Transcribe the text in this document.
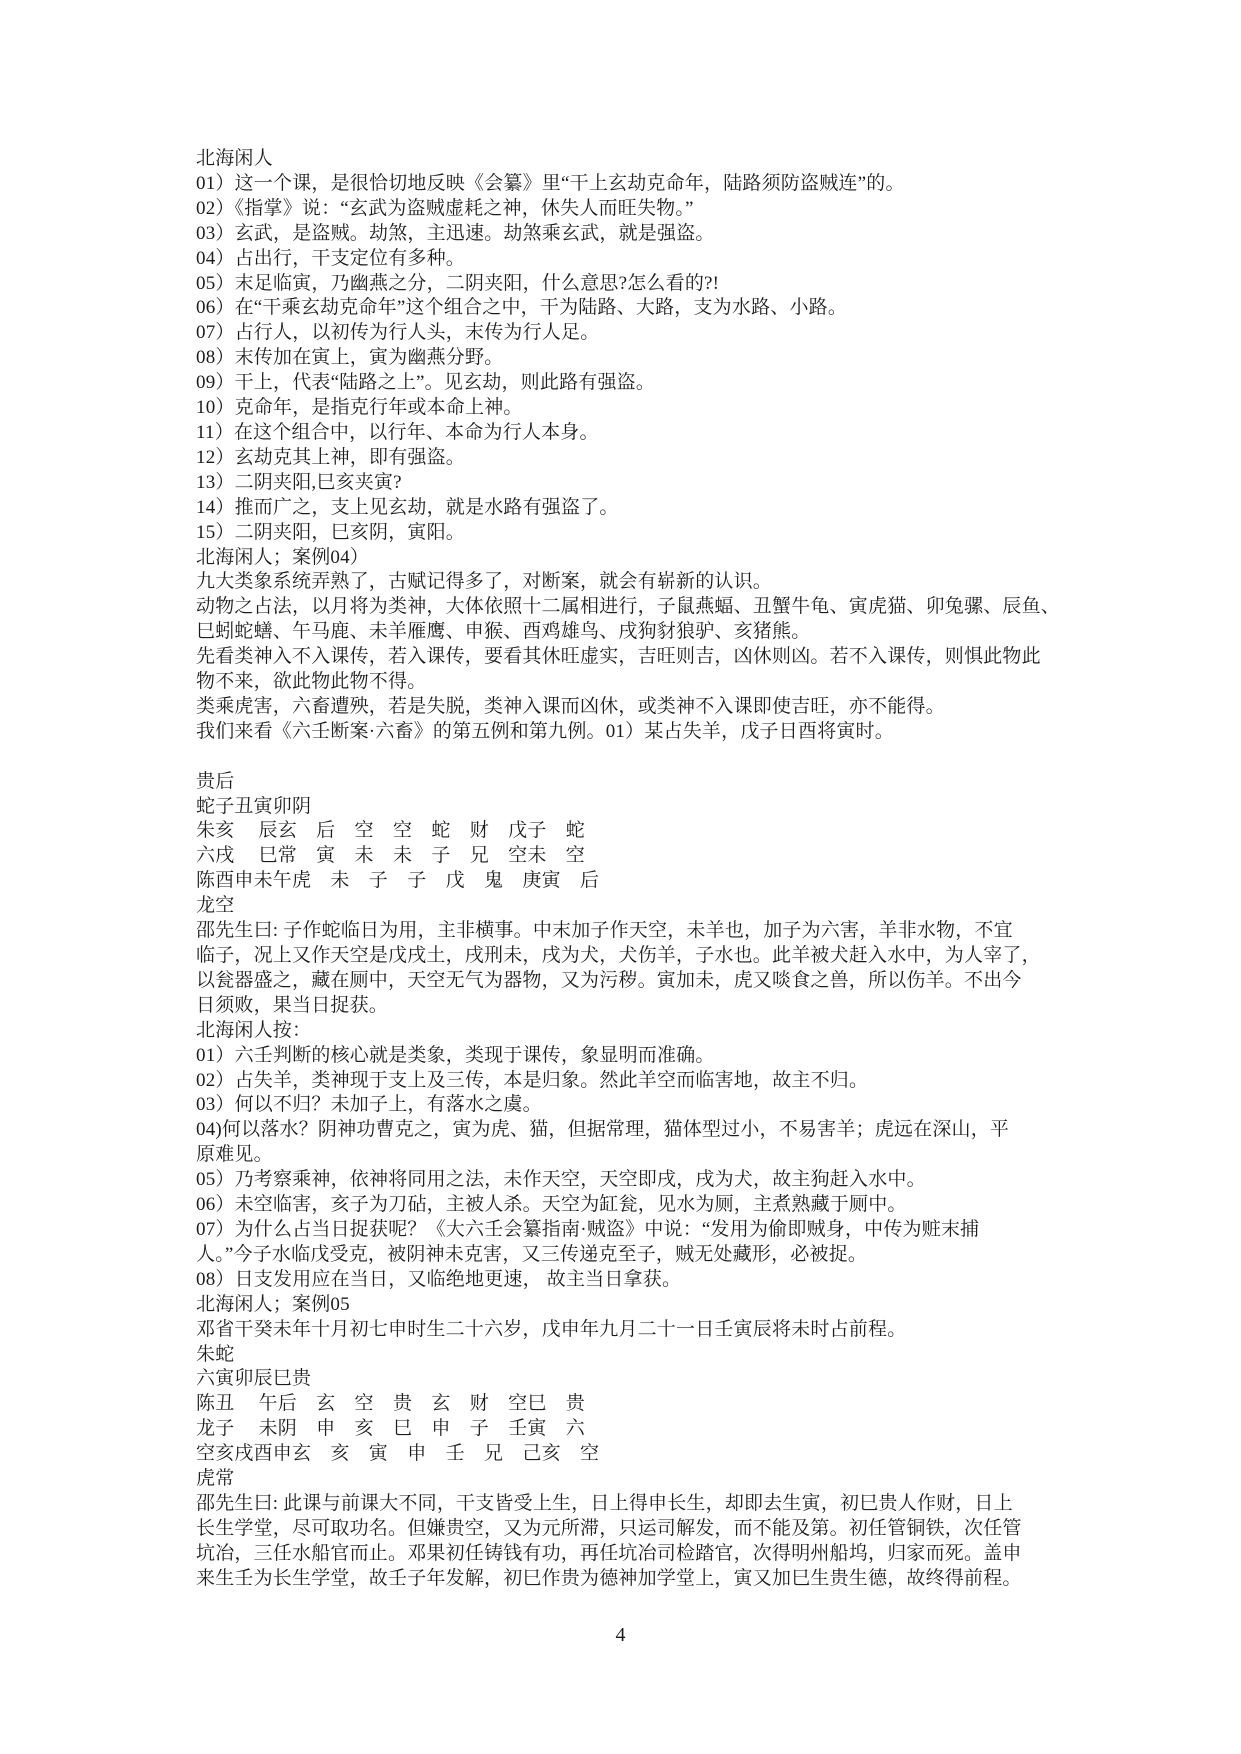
北海闲人
01）这一个课，是很恰切地反映《会纂》里“干上玄劫克命年，陆路须防盗贼连”的。
02）《指掌》说：“玄武为盗贼虚耗之神，休失人而旺失物。”
03）玄武，是盗贼。劫煞，主迅速。劫煞乘玄武，就是强盗。
04）占出行，干支定位有多种。
05）末足临寅，乃幽燕之分，二阴夹阳，什么意思?怎么看的?!
06）在“干乘玄劫克命年”这个组合之中，干为陆路、大路，支为水路、小路。
07）占行人，以初传为行人头，末传为行人足。
08）末传加在寅上，寅为幽燕分野。
09）干上，代表“陆路之上”。见玄劫，则此路有强盗。
10）克命年，是指克行年或本命上神。
11）在这个组合中，以行年、本命为行人本身。
12）玄劫克其上神，即有强盗。
13）二阴夹阳,巳亥夹寅?
14）推而广之，支上见玄劫，就是水路有强盗了。
15）二阴夹阳，巳亥阴，寅阳。
北海闲人；案例04）
九大类象系统弄熟了，古赋记得多了，对断案，就会有崭新的认识。
动物之占法，以月将为类神，大体依照十二属相进行，子鼠燕蝠、丑蟹牛龟、寅虎猫、卯兔骡、辰鱼、
巳蚓蛇蟮、午马鹿、未羊雁鹰、申猴、酉鸡雄鸟、戌狗豺狼驴、亥猪熊。
先看类神入不入课传，若入课传，要看其休旺虚实，吉旺则吉，凶休则凶。若不入课传，则惧此物此
物不来，欲此物此物不得。
类乘虎害，六畜遭殃，若是失脱，类神入课而凶休，或类神不入课即使吉旺，亦不能得。
我们来看《六壬断案·六畜》的第五例和第九例。01）某占失羊，戊子日酉将寅时。

贵后
蛇子丑寅卯阴
朱亥　 辰玄　后　空　空　蛇　财　戊子　蛇
六戌　 巳常　寅　未　未　子　兄　空未　空
陈酉申未午虎　未　子　子　戊　鬼　庚寅　后
龙空
邵先生曰: 子作蛇临日为用，主非横事。中末加子作天空，未羊也，加子为六害，羊非水物，不宜
临子，况上又作天空是戊戌土，戌刑未，戌为犬，犬伤羊，子水也。此羊被犬赶入水中，为人宰了，
以瓮器盛之，藏在厕中，天空无气为器物，又为污秽。寅加未，虎又啖食之兽，所以伤羊。不出今
日须败，果当日捉获。
北海闲人按：
01）六壬判断的核心就是类象，类现于课传，象显明而准确。
02）占失羊，类神现于支上及三传，本是归象。然此羊空而临害地，故主不归。
03）何以不归？未加子上，有落水之虞。
04)何以落水？阴神功曹克之，寅为虎、猫，但据常理，猫体型过小，不易害羊；虎远在深山，平
原难见。
05）乃考察乘神，依神将同用之法，未作天空，天空即戌，戌为犬，故主狗赶入水中。
06）未空临害，亥子为刀砧，主被人杀。天空为缸瓮，见水为厕，主煮熟藏于厕中。
07）为什么占当日捉获呢？《大六壬会纂指南·贼盗》中说：“发用为偷即贼身，中传为赃末捕
人。”今子水临戊受克，被阴神未克害，又三传递克至子，贼无处藏形，必被捉。
08）日支发用应在当日，又临绝地更速， 故主当日拿获。
北海闲人；案例05
邓省干癸未年十月初七申时生二十六岁，戊申年九月二十一日壬寅辰将未时占前程。
朱蛇
六寅卯辰巳贵
陈丑　 午后　玄　空　贵　玄　财　空巳　贵
龙子　 未阴　申　亥　巳　申　子　壬寅　六
空亥戌酉申玄　亥　寅　申　壬　兄　己亥　空
虎常
邵先生曰: 此课与前课大不同，干支皆受上生，日上得申长生，却即去生寅，初巳贵人作财，日上
长生学堂，尽可取功名。但嫌贵空，又为元所滞，只运司解发，而不能及第。初任管铜铁，次任管
坑冶，三任水船官而止。邓果初任铸钱有功，再任坑冶司检踏官，次得明州船坞，归家而死。盖申
来生壬为长生学堂，故壬子年发解，初巳作贵为德神加学堂上，寅又加巳生贵生德，故终得前程。
4
